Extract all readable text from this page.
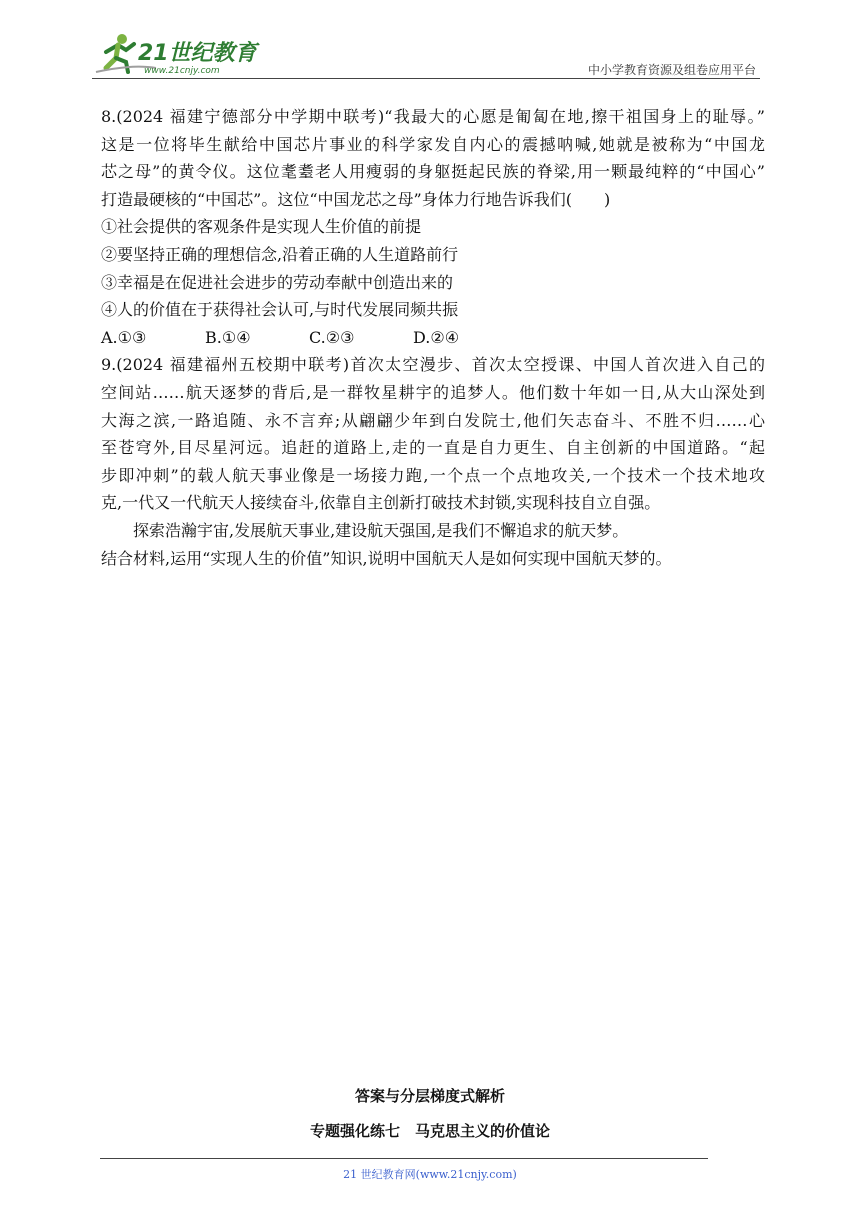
21世纪教育
www.21cnjy.com	中小学教育资源及组卷应用平台
8.(2024 福建宁德部分中学期中联考)“我最大的心愿是匍匐在地,擦干祖国身上的耻辱。”
这是一位将毕生献给中国芯片事业的科学家发自内心的震撼呐喊,她就是被称为“中国龙
芯之母”的黄令仪。这位耄耋老人用瘦弱的身躯挺起民族的脊梁,用一颗最纯粹的“中国心”
打造最硬核的“中国芯”。这位“中国龙芯之母”身体力行地告诉我们( )
①社会提供的客观条件是实现人生价值的前提
②要坚持正确的理想信念,沿着正确的人生道路前行
③幸福是在促进社会进步的劳动奉献中创造出来的
④人的价值在于获得社会认可,与时代发展同频共振
A.①③	B.①④	C.②③	D.②④
9.(2024 福建福州五校期中联考)首次太空漫步、首次太空授课、中国人首次进入自己的
空间站……航天逐梦的背后,是一群牧星耕宇的追梦人。他们数十年如一日,从大山深处到
大海之滨,一路追随、永不言弃;从翩翩少年到白发院士,他们矢志奋斗、不胜不归……心
至苍穹外,目尽星河远。追赶的道路上,走的一直是自力更生、自主创新的中国道路。“起
步即冲刺”的载人航天事业像是一场接力跑,一个点一个点地攻关,一个技术一个技术地攻
克,一代又一代航天人接续奋斗,依靠自主创新打破技术封锁,实现科技自立自强。
探索浩瀚宇宙,发展航天事业,建设航天强国,是我们不懈追求的航天梦。
结合材料,运用“实现人生的价值”知识,说明中国航天人是如何实现中国航天梦的。
答案与分层梯度式解析
专题强化练七　马克思主义的价值论
21 世纪教育网(www.21cnjy.com)
